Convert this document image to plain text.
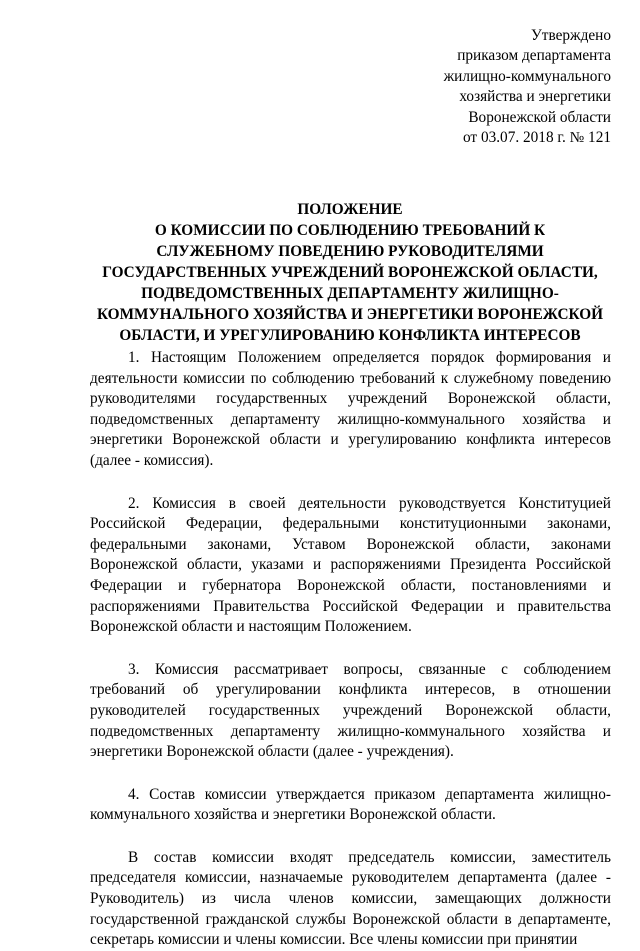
Утверждено
приказом департамента
жилищно-коммунального
хозяйства и энергетики
Воронежской области
от 03.07. 2018 г. № 121
ПОЛОЖЕНИЕ
О КОМИССИИ ПО СОБЛЮДЕНИЮ ТРЕБОВАНИЙ К
СЛУЖЕБНОМУ ПОВЕДЕНИЮ РУКОВОДИТЕЛЯМИ
ГОСУДАРСТВЕННЫХ УЧРЕЖДЕНИЙ ВОРОНЕЖСКОЙ ОБЛАСТИ,
ПОДВЕДОМСТВЕННЫХ ДЕПАРТАМЕНТУ ЖИЛИЩНО-
КОММУНАЛЬНОГО ХОЗЯЙСТВА И ЭНЕРГЕТИКИ ВОРОНЕЖСКОЙ
ОБЛАСТИ, И УРЕГУЛИРОВАНИЮ КОНФЛИКТА ИНТЕРЕСОВ

1. Настоящим Положением определяется порядок формирования и деятельности комиссии по соблюдению требований к служебному поведению руководителями государственных учреждений Воронежской области, подведомственных департаменту жилищно-коммунального хозяйства и энергетики Воронежской области и урегулированию конфликта интересов (далее - комиссия).

2. Комиссия в своей деятельности руководствуется Конституцией Российской Федерации, федеральными конституционными законами, федеральными законами, Уставом Воронежской области, законами Воронежской области, указами и распоряжениями Президента Российской Федерации и губернатора Воронежской области, постановлениями и распоряжениями Правительства Российской Федерации и правительства Воронежской области и настоящим Положением.

3. Комиссия рассматривает вопросы, связанные с соблюдением требований об урегулировании конфликта интересов, в отношении руководителей государственных учреждений Воронежской области, подведомственных департаменту жилищно-коммунального хозяйства и энергетики Воронежской области (далее - учреждения).

4. Состав комиссии утверждается приказом департамента жилищно-коммунального хозяйства и энергетики Воронежской области.

В состав комиссии входят председатель комиссии, заместитель председателя комиссии, назначаемые руководителем департамента (далее - Руководитель) из числа членов комиссии, замещающих должности государственной гражданской службы Воронежской области в департаменте, секретарь комиссии и члены комиссии. Все члены комиссии при принятии
